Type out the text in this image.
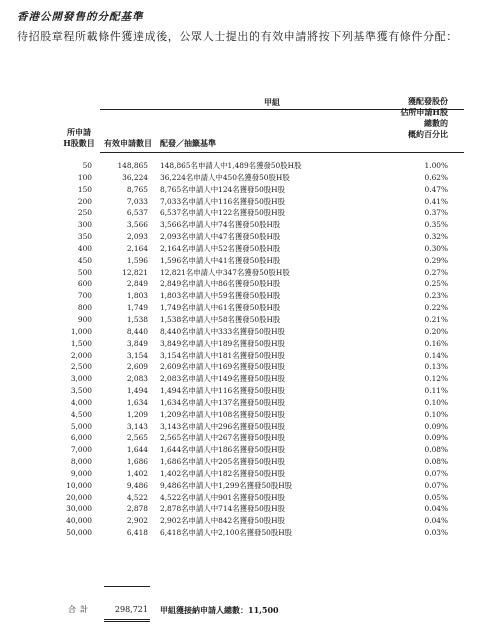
香港公開發售的分配基準
待招股章程所載條件獲達成後，公眾人士提出的有效申請將按下列基準獲有條件分配：
甲組	獲配發股份
佔所申請H股
總數的
概約百分比
所申請
H股數目	有效申請數目 配發／抽籤基準
50	148,865 148,865名申請人中1,489名獲發50股H股	1.00%
100	36,224 36,224名申請人中450名獲發50股H股	0.62%
150	8,765 8,765名申請人中124名獲發50股H股	0.47%
200	7,033 7,033名申請人中116名獲發50股H股	0.41%
250	6,537 6,537名申請人中122名獲發50股H股	0.37%
300	3,566 3,566名申請人中74名獲發50股H股	0.35%
350	2,093 2,093名申請人中47名獲發50股H股	0.32%
400	2,164 2,164名申請人中52名獲發50股H股	0.30%
450	1,596 1,596名申請人中41名獲發50股H股	0.29%
500	12,821 12,821名申請人中347名獲發50股H股	0.27%
600	2,849 2,849名申請人中86名獲發50股H股	0.25%
700	1,803 1,803名申請人中59名獲發50股H股	0.23%
800	1,749 1,749名申請人中61名獲發50股H股	0.22%
900	1,538 1,538名申請人中58名獲發50股H股	0.21%
1,000	8,440 8,440名申請人中333名獲發50股H股	0.20%
1,500	3,849 3,849名申請人中189名獲發50股H股	0.16%
2,000	3,154 3,154名申請人中181名獲發50股H股	0.14%
2,500	2,609 2,609名申請人中169名獲發50股H股	0.13%
3,000	2,083 2,083名申請人中149名獲發50股H股	0.12%
3,500	1,494 1,494名申請人中116名獲發50股H股	0.11%
4,000	1,634 1,634名申請人中137名獲發50股H股	0.10%
4,500	1,209 1,209名申請人中108名獲發50股H股	0.10%
5,000	3,143 3,143名申請人中296名獲發50股H股	0.09%
6,000	2,565 2,565名申請人中267名獲發50股H股	0.09%
7,000	1,644 1,644名申請人中186名獲發50股H股	0.08%
8,000	1,686 1,686名申請人中205名獲發50股H股	0.08%
9,000	1,402 1,402名申請人中182名獲發50股H股	0.07%
10,000	9,486 9,486名申請人中1,299名獲發50股H股	0.07%
20,000	4,522 4,522名申請人中901名獲發50股H股	0.05%
30,000	2,878 2,878名申請人中714名獲發50股H股	0.04%
40,000	2,902 2,902名申請人中842名獲發50股H股	0.04%
50,000	6,418 6,418名申請人中2,100名獲發50股H股	0.03%
合計	298,721 甲組獲接納申請人總數：11,500
